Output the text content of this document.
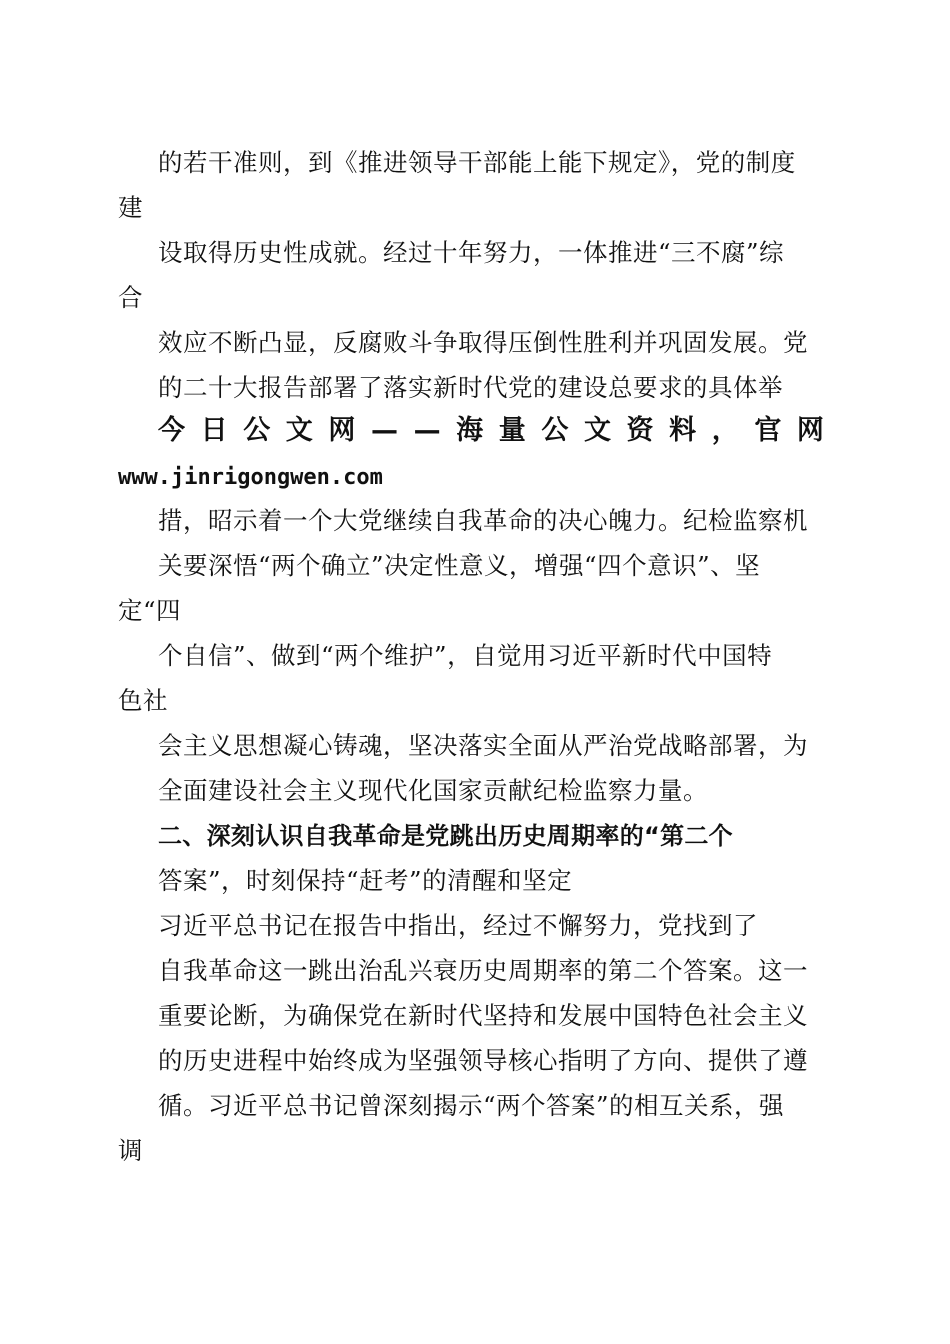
的若干准则，到《推进领导干部能上能下规定》，党的制度
建
设取得历史性成就。经过十年努力，一体推进“三不腐”综
合
效应不断凸显，反腐败斗争取得压倒性胜利并巩固发展。党
的二十大报告部署了落实新时代党的建设总要求的具体举
今 日 公 文 网 — — 海 量 公 文 资 料 ， 官 网
www.jinrigongwen.com
措，昭示着一个大党继续自我革命的决心魄力。纪检监察机
关要深悟“两个确立”决定性意义，增强“四个意识”、坚
定“四
个自信”、做到“两个维护”，自觉用习近平新时代中国特
色社
会主义思想凝心铸魂，坚决落实全面从严治党战略部署，为
全面建设社会主义现代化国家贡献纪检监察力量。
二、深刻认识自我革命是党跳出历史周期率的“第二个
答案”，时刻保持“赶考”的清醒和坚定
习近平总书记在报告中指出，经过不懈努力，党找到了
自我革命这一跳出治乱兴衰历史周期率的第二个答案。这一
重要论断，为确保党在新时代坚持和发展中国特色社会主义
的历史进程中始终成为坚强领导核心指明了方向、提供了遵
循。习近平总书记曾深刻揭示“两个答案”的相互关系，强
调
